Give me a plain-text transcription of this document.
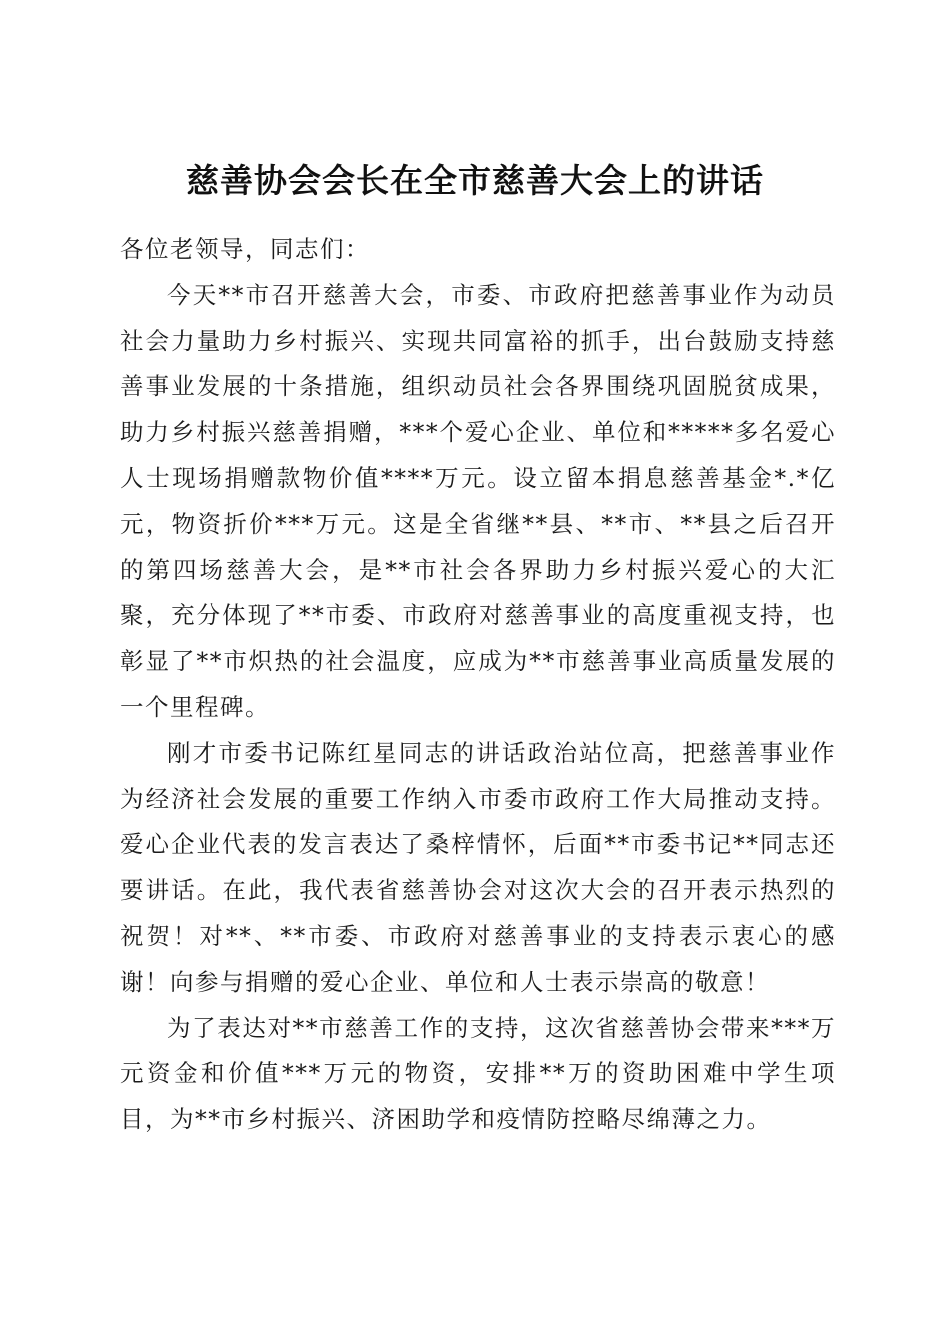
慈善协会会长在全市慈善大会上的讲话

各位老领导，同志们：

今天**市召开慈善大会，市委、市政府把慈善事业作为动员社会力量助力乡村振兴、实现共同富裕的抓手，出台鼓励支持慈善事业发展的十条措施，组织动员社会各界围绕巩固脱贫成果，助力乡村振兴慈善捐赠，***个爱心企业、单位和*****多名爱心人士现场捐赠款物价值****万元。设立留本捐息慈善基金*.*亿元，物资折价***万元。这是全省继**县、**市、**县之后召开的第四场慈善大会，是**市社会各界助力乡村振兴爱心的大汇聚，充分体现了**市委、市政府对慈善事业的高度重视支持，也彰显了**市炽热的社会温度，应成为**市慈善事业高质量发展的一个里程碑。

刚才市委书记陈红星同志的讲话政治站位高，把慈善事业作为经济社会发展的重要工作纳入市委市政府工作大局推动支持。爱心企业代表的发言表达了桑梓情怀，后面**市委书记**同志还要讲话。在此，我代表省慈善协会对这次大会的召开表示热烈的祝贺！对**、**市委、市政府对慈善事业的支持表示衷心的感谢！向参与捐赠的爱心企业、单位和人士表示崇高的敬意！

为了表达对**市慈善工作的支持，这次省慈善协会带来***万元资金和价值***万元的物资，安排**万的资助困难中学生项目，为**市乡村振兴、济困助学和疫情防控略尽绵薄之力。
